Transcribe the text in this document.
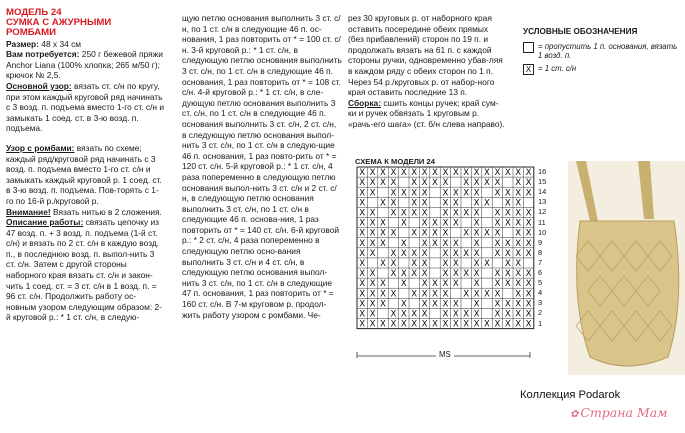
МОДЕЛЬ 24
СУМКА С АЖУРНЫМИ
РОМБАМИ

Размер: 48 х 34 см

Вам потребуется: 250 г бежевой пряжи Anchor Liana (100% хлопка; 265 м/50 г); крючок № 2,5.

Основной узор: вязать ст. с/н по кругу, при этом каждый круговой ряд начинать с 3 возд. п. подъема вместо 1-го ст. с/н и замыкать 1 соед. ст. в 3-ю возд. п. подъема.

Узор с ромбами: вязать по схеме; каждый ряд/круговой ряд начинать с 3 возд. п. подъема вместо 1-го ст. с/н и замыкать каждый круговой р. 1 соед. ст. в 3-ю возд. п. подъема. Пов-торять с 1-го по 16-й р./круговой р.

Внимание! Вязать нитью в 2 сложения.

Описание работы: связать цепочку из 47 возд. п. + 3 возд. п. подъема (1-й ст. с/н) и вязать по 2 ст. с/н в каждую возд. п., в последнюю возд. п. выпол-нить 3 ст. с/н. Затем с другой стороны наборного края вязать ст. с/н и закон-чить 1 соед. ст. = 3 ст. с/н в 1 возд. п. = 96 ст. с/н. Продолжить работу ос-новным узором следующим образом: 2-й круговой р.: * 1 ст. с/н, в следую-

щую петлю основания выполнить 3 ст. с/н, по 1 ст. с/н в следующие 46 п. ос-нования, 1 раз повторить от * = 100 ст. с/н. 3-й круговой р.: * 1 ст. с/н, в следующую петлю основания выполнить 3 ст. с/н, по 1 ст. с/н в следующие 46 п. основания, 1 раз повторить от * = 108 ст. с/н. 4-й круговой р.: * 1 ст. с/н, в сле-дующую петлю основания выполнить 3 ст. с/н, по 1 ст. с/н в следующие 46 п. основания выполнить 3 ст. с/н, 2 ст. с/н, в следующую петлю основания выпол-нить 3 ст. с/н, по 1 ст. с/н в следую-щие 46 п. основания, 1 раз повто-рить от * = 120 ст. с/н. 5-й круговой р.: * 1 ст. с/н, 4 раза попеременно в следующую петлю основания выпол-нить 3 ст. с/н и 2 ст. с/н, в следующую петлю основания выполнить 3 ст. с/н, по 1 ст. с/н в следующие 46 п. основа-ния, 1 раз повторить от * = 140 ст. с/н. 6-й круговой р.: * 2 ст. с/н, 4 раза попеременно в следующую петлю осно-вания выполнить 3 ст. с/н и 4 ст. с/н, в следующую петлю основания выпол-нить 3 ст. с/н, по 1 ст. с/н в следующие 47 п. основания, 1 раз повторить от * = 160 ст. с/н. В 7-м круговом р. продол-жить работу узором с ромбами. Че-

рез 30 круговых р. от наборного края оставить посередине обеих прямых (без прибавлений) сторон по 19 п. и продолжать вязать на 61 п. с каждой стороны ручки, одновременно убав-ляя в каждом ряду с обеих сторон по 1 п. Через 54 р./круговых р. от набор-ного края оставить последние 13 п.

Сборка: сшить концы ручек; край сум-ки и ручек обвязать 1 круговым р. «рачь-его шага» (ст. б/н слева направо).

УСЛОВНЫЕ ОБОЗНАЧЕНИЯ
= пропустить 1 п. основания, вязать 1 возд. п.
X = 1 ст. с/н
СХЕМА К МОДЕЛИ 24
X X X X X X X X X X X X X X X X X
X X X X X X X X X X X X X X
X X X X X X X X X X X X X X
X X X X X X X X X X X
X X X X X X X X X X X X X X
X X X X X X X X X X X X X
X X X X X X X X X X X X X X
X X X X X X X X X X X X X
X X X X X X X X X X X X X X
X X X X X X X X X X X
X X X X X X X X X X X X X X
X X X X X X X X X X X X X
X X X X X X X X X X X X X X
X X X X X X X X X X X X X
X X X X X X X X X X X X X X
X X X X X X X X X X X X X X X X X
16
15
14
13
12
11
10
9
8
7
6
5
4
3
2
1
MS
Коллекция Podarok
✿ Страна Мам
